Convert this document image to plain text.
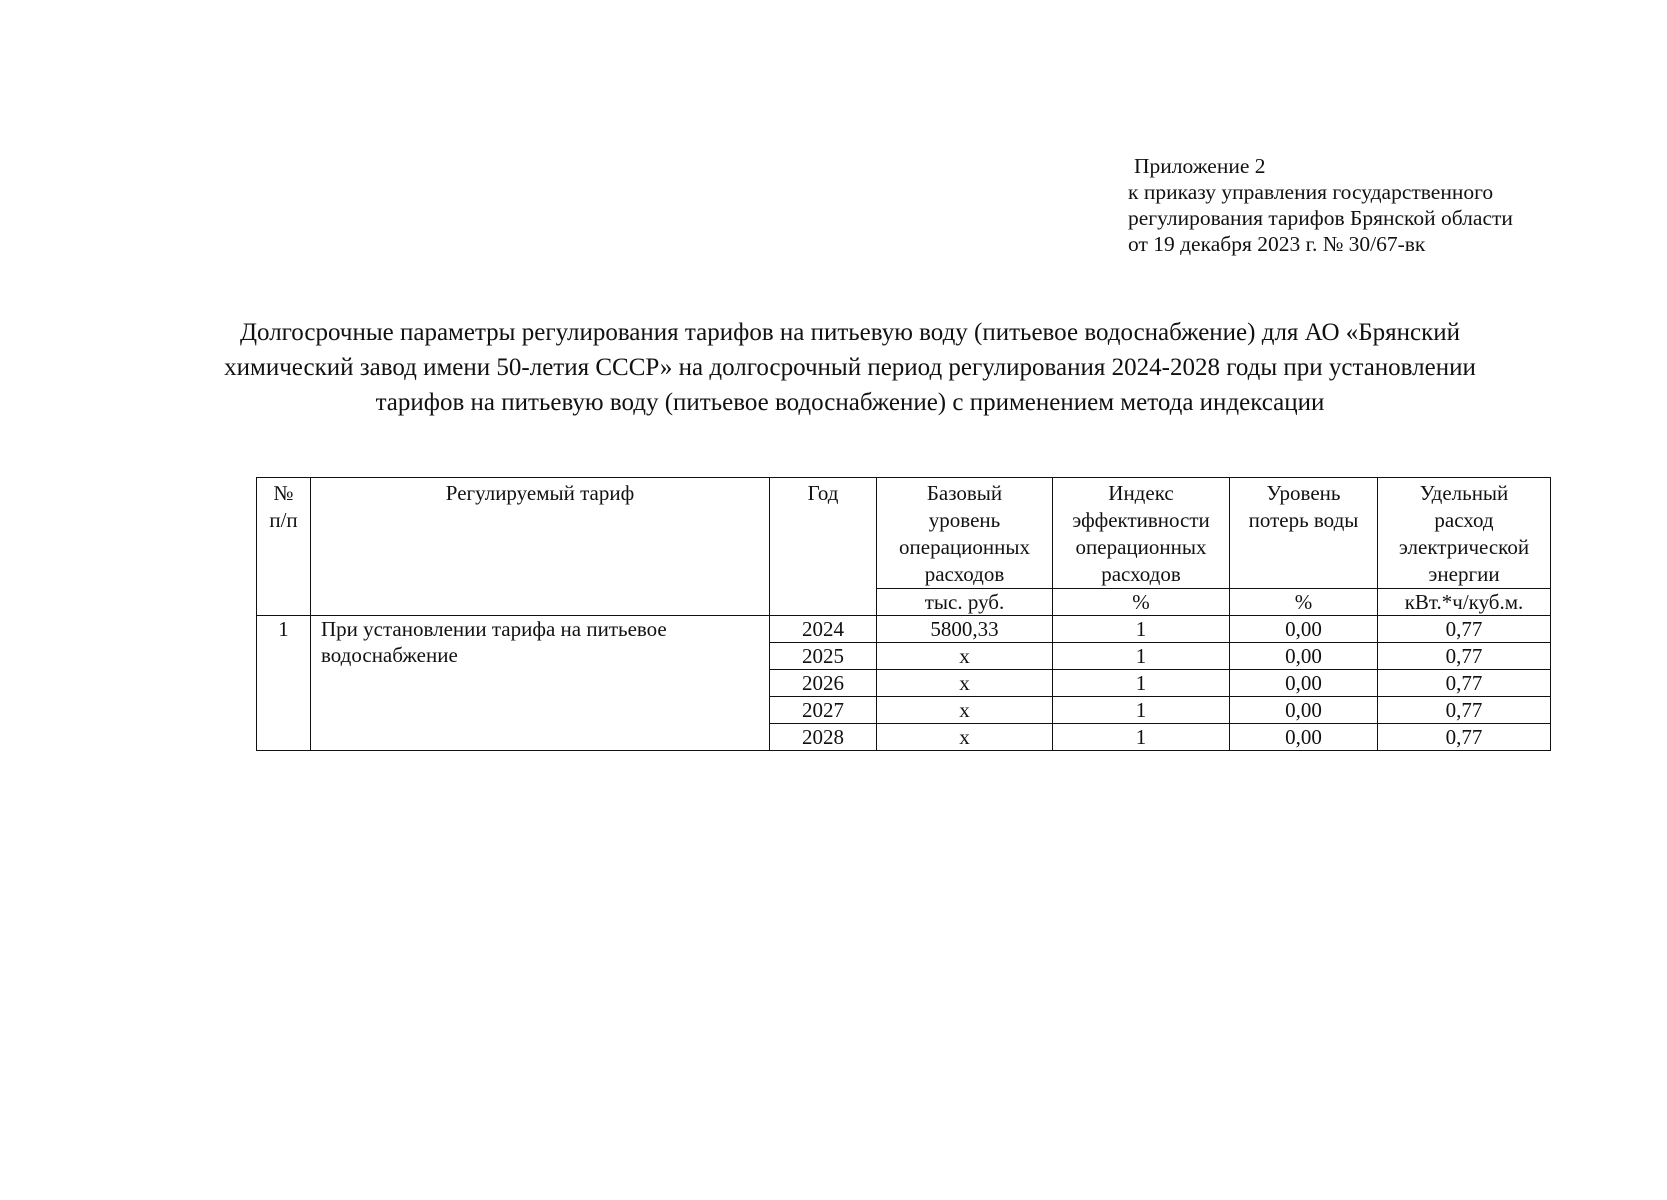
Приложение 2
к приказу управления государственного
регулирования тарифов Брянской области
от 19 декабря 2023 г. № 30/67-вк
Долгосрочные параметры регулирования тарифов на питьевую воду (питьевое водоснабжение) для АО «Брянский
химический завод имени 50-летия СССР» на долгосрочный период регулирования 2024-2028 годы при установлении
тарифов на питьевую воду (питьевое водоснабжение) с применением метода индексации
№
п/п	Регулируемый тариф	Год	Базовый
уровень
операционных
расходов	Индекс
эффективности
операционных
расходов	Уровень
потерь воды	Удельный
расход
электрической
энергии

			тыс. руб.	%	%	кВт.*ч/куб.м.
1	При установлении тарифа на питьевое водоснабжение	2024	5800,33	1	0,00	0,77
		2025	х	1	0,00	0,77
		2026	х	1	0,00	0,77
		2027	х	1	0,00	0,77
		2028	х	1	0,00	0,77
